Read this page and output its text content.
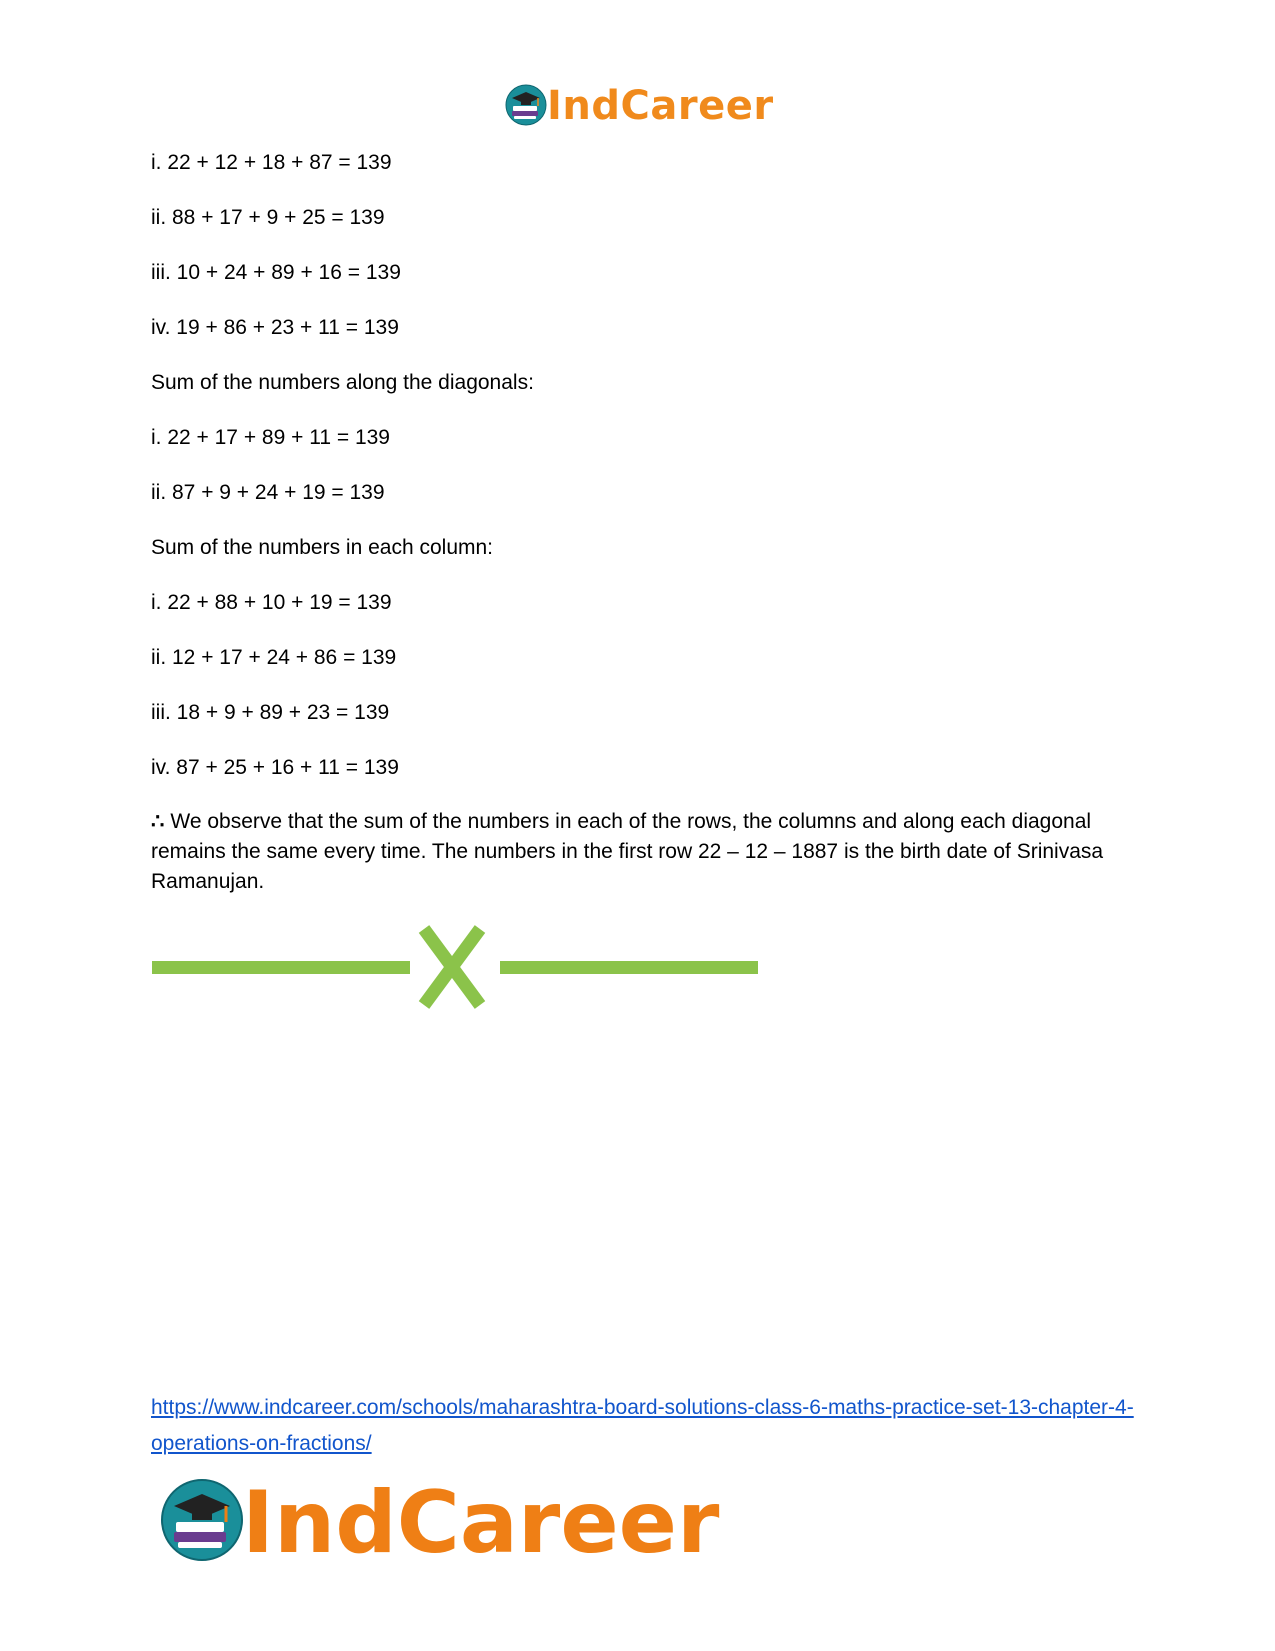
IndCareer
i. 22 + 12 + 18 + 87 = 139
ii. 88 + 17 + 9 + 25 = 139
iii. 10 + 24 + 89 + 16 = 139
iv. 19 + 86 + 23 + 11 = 139
Sum of the numbers along the diagonals:
i. 22 + 17 + 89 + 11 = 139
ii. 87 + 9 + 24 + 19 = 139
Sum of the numbers in each column:
i. 22 + 88 + 10 + 19 = 139
ii. 12 + 17 + 24 + 86 = 139
iii. 18 + 9 + 89 + 23 = 139
iv. 87 + 25 + 16 + 11 = 139
∴ We observe that the sum of the numbers in each of the rows, the columns and along each diagonal remains the same every time. The numbers in the first row 22 – 12 – 1887 is the birth date of Srinivasa Ramanujan.
https://www.indcareer.com/schools/maharashtra-board-solutions-class-6-maths-practice-set-13-chapter-4-operations-on-fractions/
IndCareer
